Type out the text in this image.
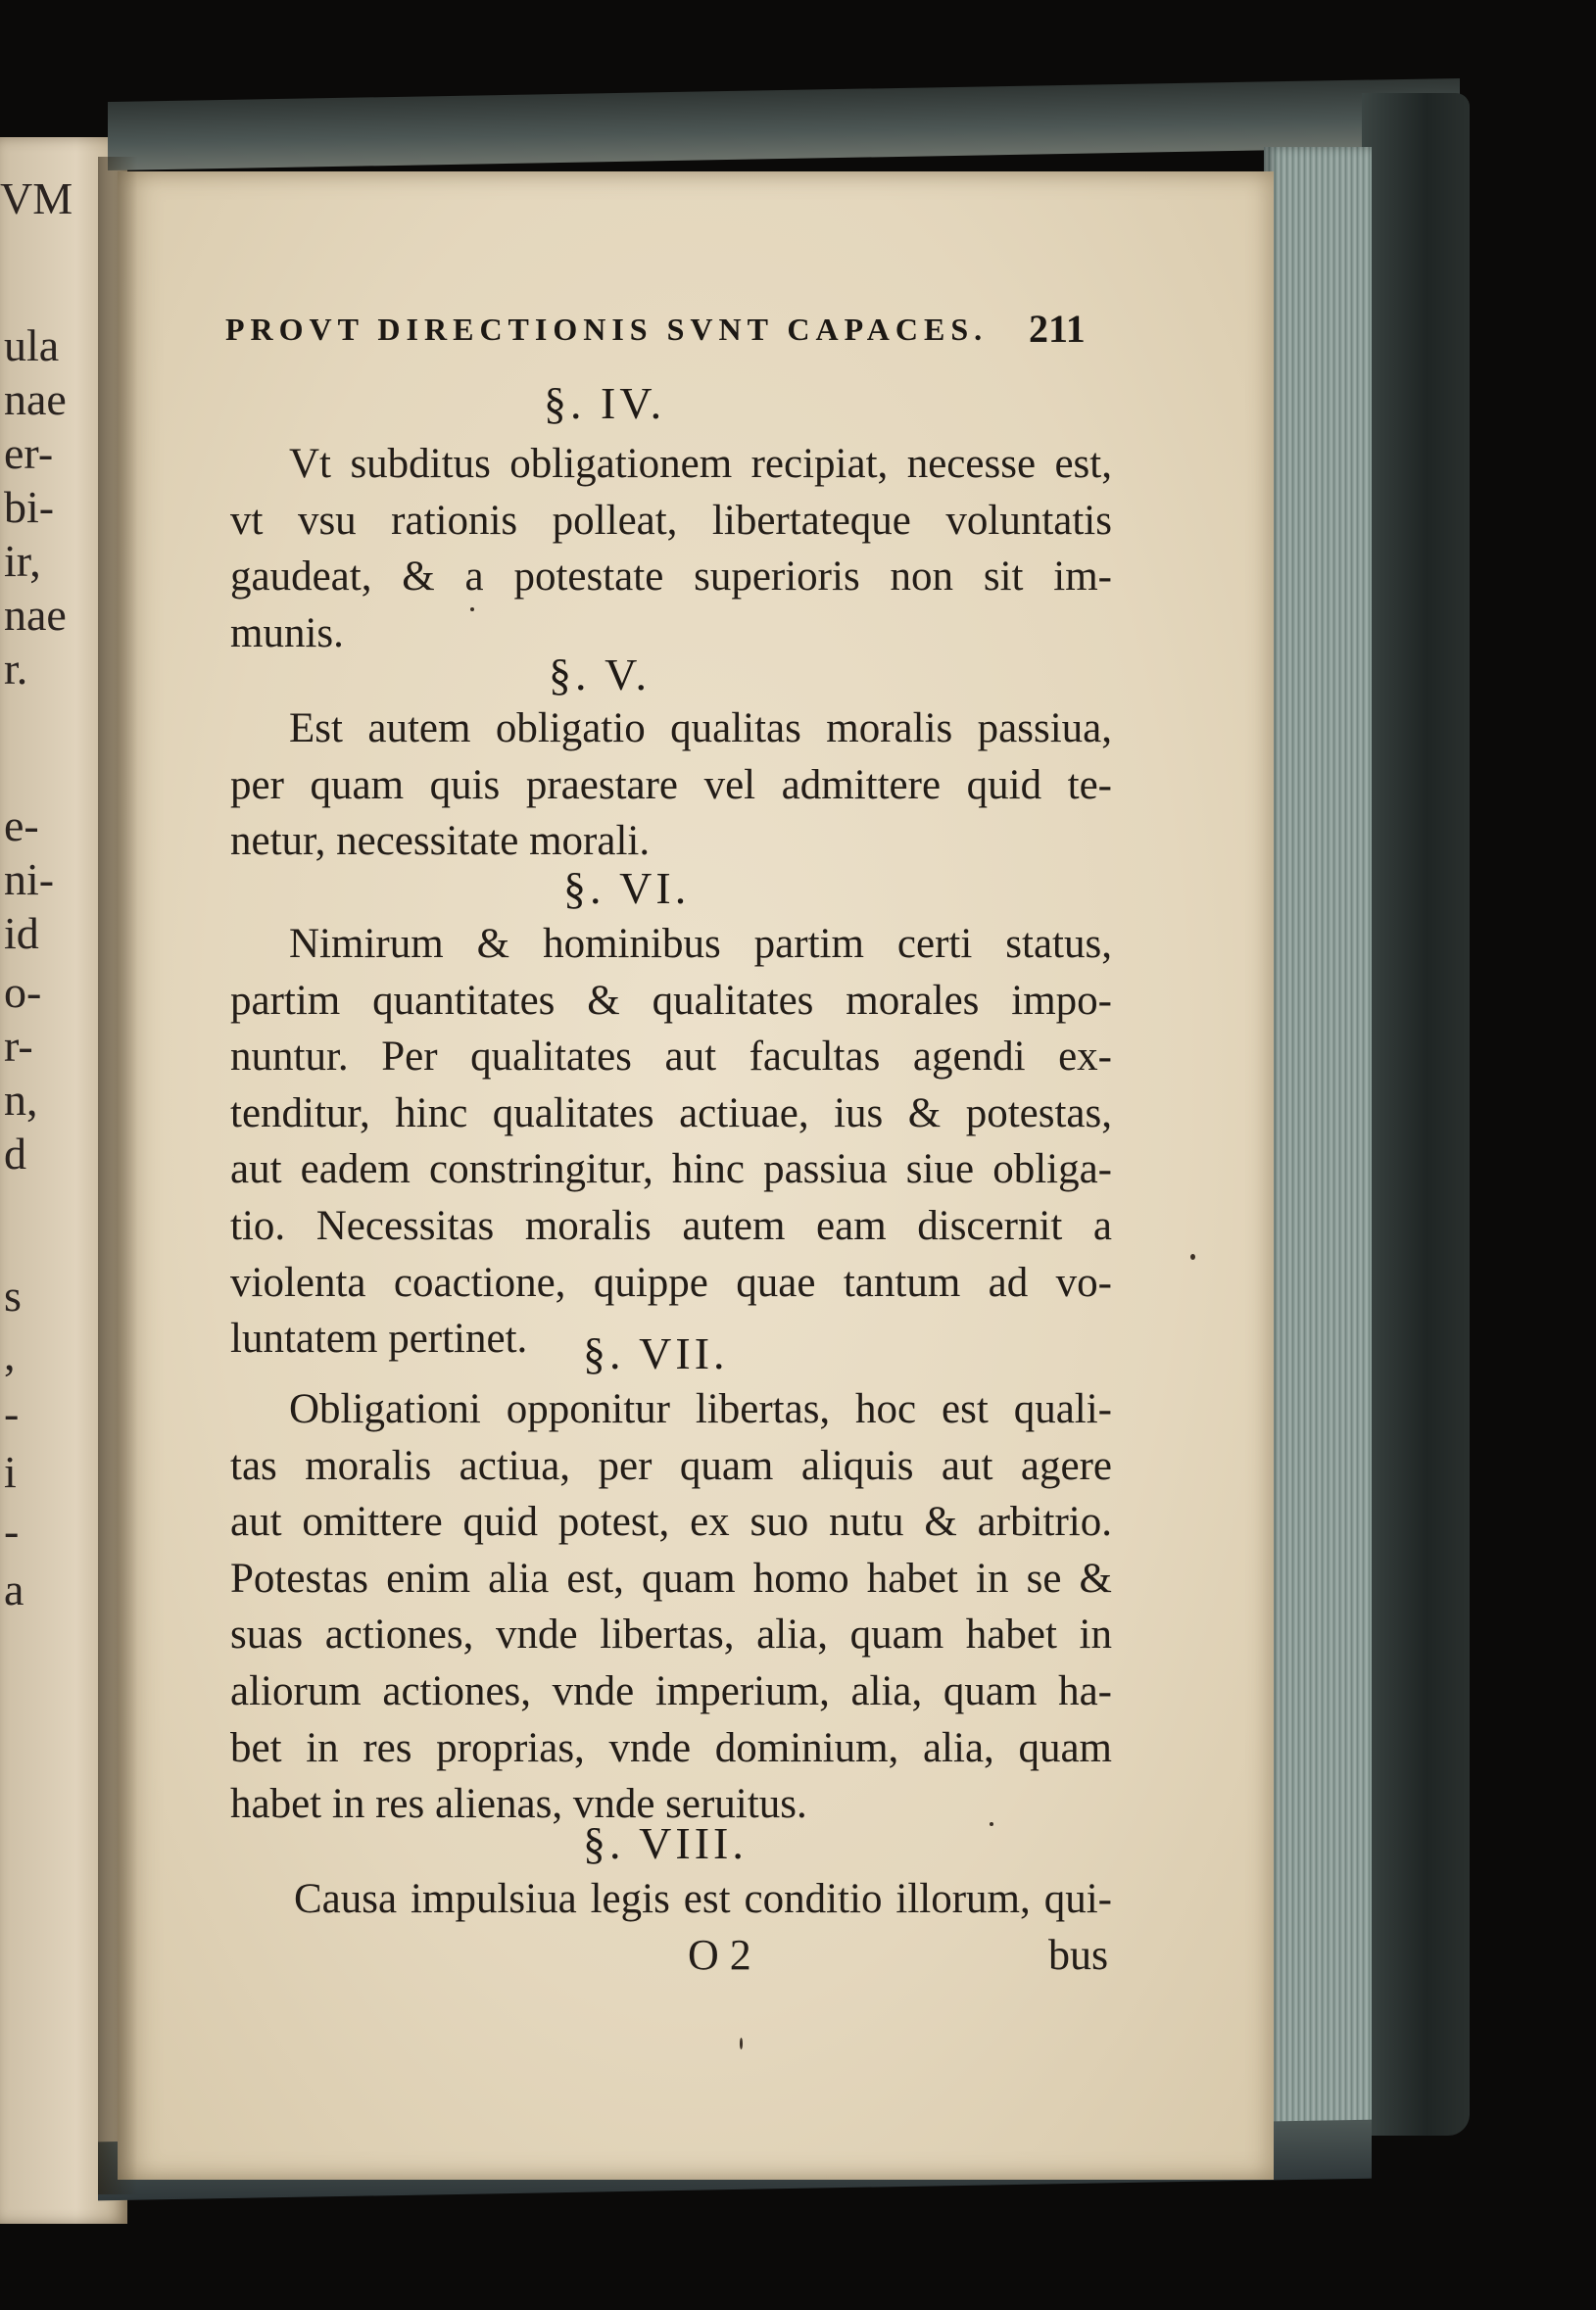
VM
ula
nae
er-
bi-
ir,
nae
r.
e-
ni-
id
o-
r-
n,
d
s
,
-
i
-
a
PROVT DIRECTIONIS SVNT CAPACES.	211
§. IV.
Vt subditus obligationem recipiat, necesse est,
vt vsu rationis polleat, libertateque voluntatis
gaudeat, & a potestate superioris non sit im-
munis.
§. V.
Est autem obligatio qualitas moralis passiua,
per quam quis praestare vel admittere quid te-
netur, necessitate morali.
§. VI.
Nimirum & hominibus partim certi status,
partim quantitates & qualitates morales impo-
nuntur. Per qualitates aut facultas agendi ex-
tenditur, hinc qualitates actiuae, ius & potestas,
aut eadem constringitur, hinc passiua siue obliga-
tio. Necessitas moralis autem eam discernit a
violenta coactione, quippe quae tantum ad vo-
luntatem pertinet.	§. VII.
Obligationi opponitur libertas, hoc est quali-
tas moralis actiua, per quam aliquis aut agere
aut omittere quid potest, ex suo nutu & arbitrio.
Potestas enim alia est, quam homo habet in se &
suas actiones, vnde libertas, alia, quam habet in
aliorum actiones, vnde imperium, alia, quam ha-
bet in res proprias, vnde dominium, alia, quam
habet in res alienas, vnde seruitus.
§. VIII.
Causa impulsiua legis est conditio illorum, qui-
O 2	bus
